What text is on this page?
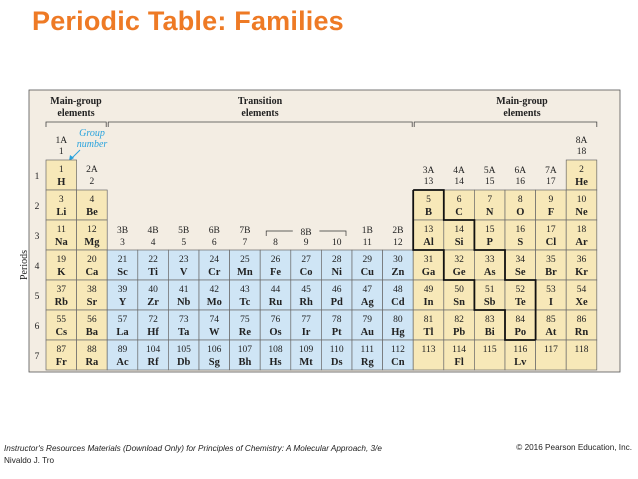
Periodic Table: Families
Main-group
elements
Transition
elements
Main-group
elements
1A
1
2A
2
3B
3
4B
4
5B
5
6B
6
7B
7	8	9 10
1B
11
2B
12
3A
13
4A
14
5A
15
6A
16
7A
17
8A
18
8B
Group
number
1
2
3
4
5
6
7
Periods
1
H
2
He
3
Li
4
Be
5
B
6
C
7
N
8
O
9
F
10
Ne
11
Na
12
Mg
13
Al
14
Si
15
P
16
S
17
Cl
18
Ar
19
K
20
Ca
21
Sc
22
Ti
23
V
24
Cr
25
Mn
26
Fe
27
Co
28
Ni
29
Cu
30
Zn
31
Ga
32
Ge
33
As
34
Se
35
Br
36
Kr
37
Rb
38
Sr
39
Y
40
Zr
41
Nb
42
Mo
43
Tc
44
Ru
45
Rh
46
Pd
47
Ag
48
Cd
49
In
50
Sn
51
Sb
52
Te
53
I
54
Xe
55
Cs
56
Ba
57
La
72
Hf
73
Ta
74
W
75
Re
76
Os
77
Ir
78
Pt
79
Au
80
Hg
81
Tl
82
Pb
83
Bi
84
Po
85
At
86
Rn
87
Fr
88
Ra
89
Ac
104
Rf
105
Db
106
Sg
107
Bh
108
Hs
109
Mt
110
Ds
111
Rg
112
Cn
113 114
Fl
115 116
Lv
117 118
Instructor's Resources Materials (Download Only) for Principles of Chemistry: A Molecular Approach, 3/e
Nivaldo J. Tro
© 2016 Pearson Education, Inc.
